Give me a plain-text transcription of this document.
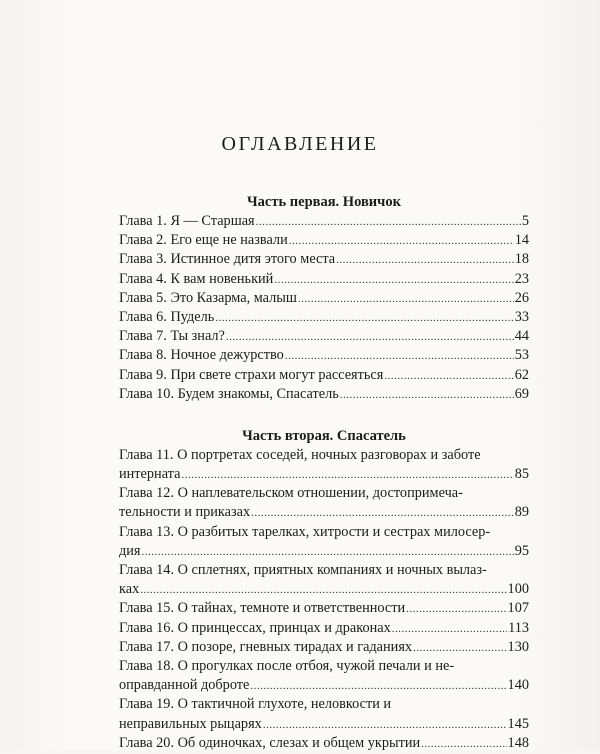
ОГЛАВЛЕНИЕ
Часть первая. Новичок
Глава 1. Я — Старшая .....	5
Глава 2. Его еще не назвали .....	14
Глава 3. Истинное дитя этого места .....	18
Глава 4. К вам новенький .....	23
Глава 5. Это Казарма, малыш .....	26
Глава 6. Пудель .....	33
Глава 7. Ты знал? .....	44
Глава 8. Ночное дежурство .....	53
Глава 9. При свете страхи могут рассеяться .....	62
Глава 10. Будем знакомы, Спасатель .....	69
Часть вторая. Спасатель
Глава 11. О портретах соседей, ночных разговорах и заботе
интерната .....	85
Глава 12. О наплевательском отношении, достопримеча-
тельности и приказах .....	89
Глава 13. О разбитых тарелках, хитрости и сестрах милосер-
дия .....	95
Глава 14. О сплетнях, приятных компаниях и ночных вылаз-
ках .....	100
Глава 15. О тайнах, темноте и ответственности .....	107
Глава 16. О принцессах, принцах и драконах .....	113
Глава 17. О позоре, гневных тирадах и гаданиях .....	130
Глава 18. О прогулках после отбоя, чужой печали и не-
оправданной доброте .....	140
Глава 19. О тактичной глухоте, неловкости и
неправильных рыцарях .....	145
Глава 20. Об одиночках, слезах и общем укрытии .....	148
